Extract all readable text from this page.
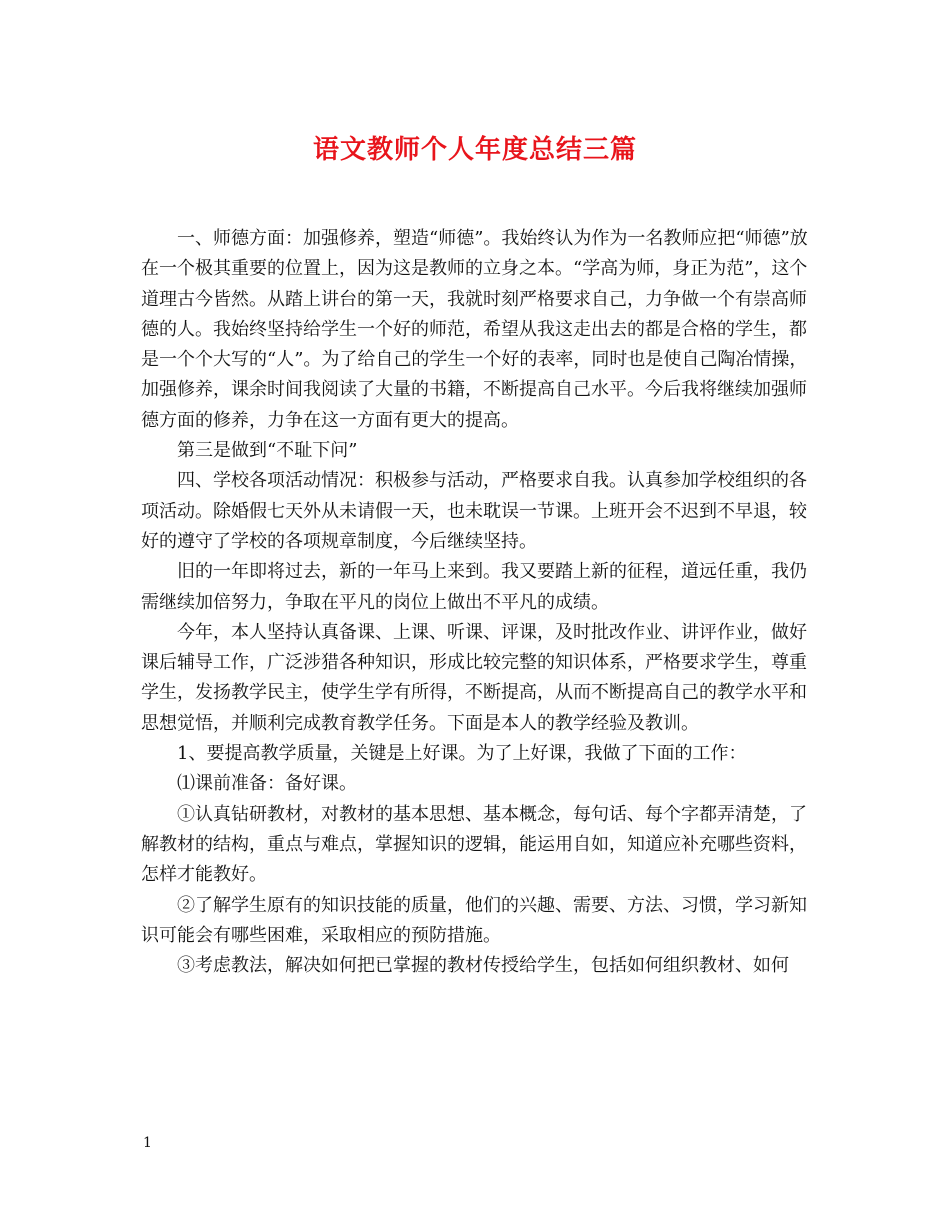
语文教师个人年度总结三篇

一、师德方面：加强修养，塑造“师德”。我始终认为作为一名教师应把“师德”放在一个极其重要的位置上，因为这是教师的立身之本。“学高为师，身正为范”，这个道理古今皆然。从踏上讲台的第一天，我就时刻严格要求自己，力争做一个有崇高师德的人。我始终坚持给学生一个好的师范，希望从我这走出去的都是合格的学生，都是一个个大写的“人”。为了给自己的学生一个好的表率，同时也是使自己陶冶情操，加强修养，课余时间我阅读了大量的书籍，不断提高自己水平。今后我将继续加强师德方面的修养，力争在这一方面有更大的提高。

第三是做到“不耻下问”

四、学校各项活动情况：积极参与活动，严格要求自我。认真参加学校组织的各项活动。除婚假七天外从未请假一天，也未耽误一节课。上班开会不迟到不早退，较好的遵守了学校的各项规章制度，今后继续坚持。

旧的一年即将过去，新的一年马上来到。我又要踏上新的征程，道远任重，我仍需继续加倍努力，争取在平凡的岗位上做出不平凡的成绩。

今年，本人坚持认真备课、上课、听课、评课，及时批改作业、讲评作业，做好课后辅导工作，广泛涉猎各种知识，形成比较完整的知识体系，严格要求学生，尊重学生，发扬教学民主，使学生学有所得，不断提高，从而不断提高自己的教学水平和思想觉悟，并顺利完成教育教学任务。下面是本人的教学经验及教训。

1、要提高教学质量，关键是上好课。为了上好课，我做了下面的工作：

⑴课前准备：备好课。

①认真钻研教材，对教材的基本思想、基本概念，每句话、每个字都弄清楚，了解教材的结构，重点与难点，掌握知识的逻辑，能运用自如，知道应补充哪些资料，怎样才能教好。

②了解学生原有的知识技能的质量，他们的兴趣、需要、方法、习惯，学习新知识可能会有哪些困难，采取相应的预防措施。

③考虑教法，解决如何把已掌握的教材传授给学生，包括如何组织教材、如何

1
